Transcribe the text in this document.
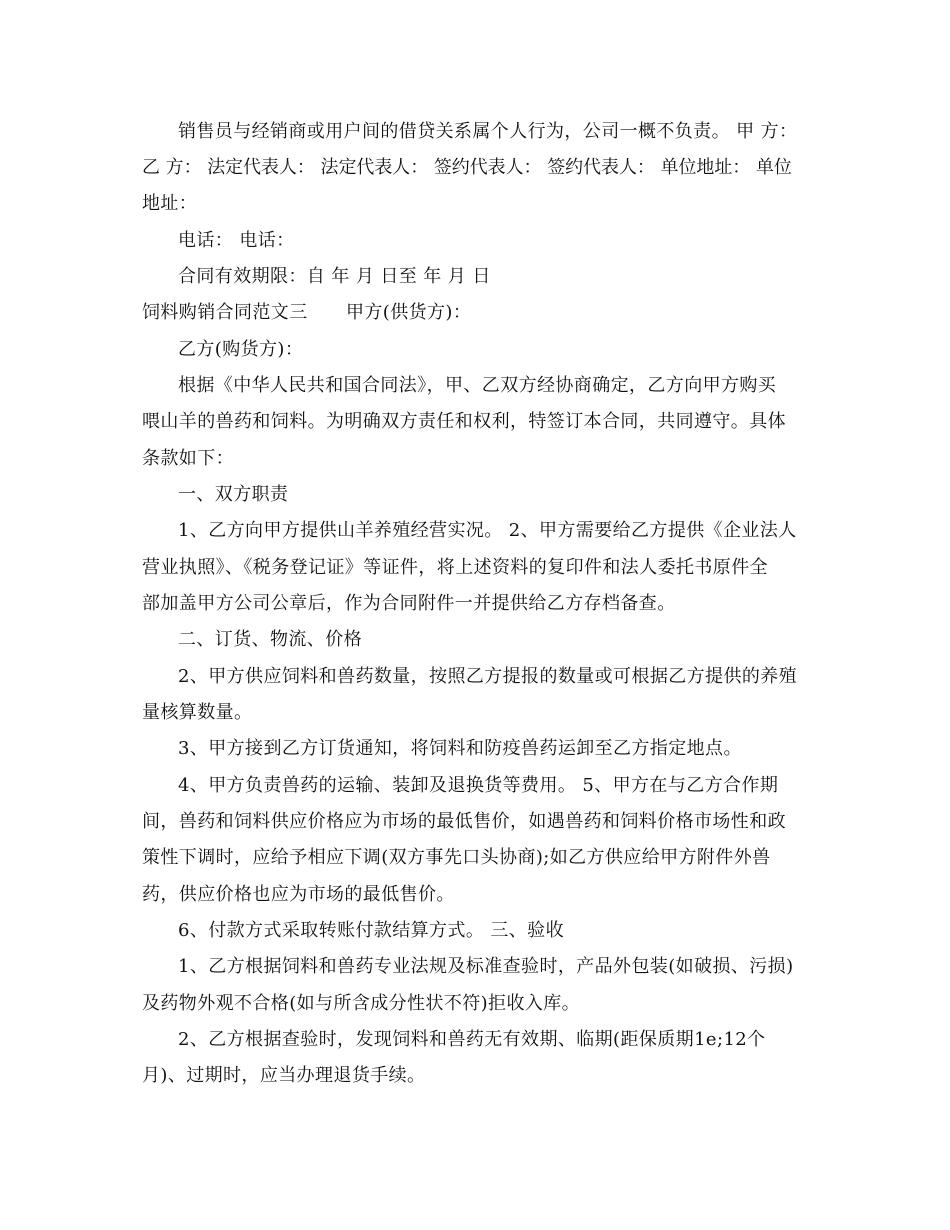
销售员与经销商或用户间的借贷关系属个人行为，公司一概不负责。 甲 方：
乙 方： 法定代表人： 法定代表人： 签约代表人： 签约代表人： 单位地址： 单位
地址：
电话： 电话：
合同有效期限：自 年 月 日至 年 月 日
饲料购销合同范文三 甲方(供货方)：
乙方(购货方)：
根据《中华人民共和国合同法》，甲、乙双方经协商确定，乙方向甲方购买
喂山羊的兽药和饲料。为明确双方责任和权利，特签订本合同，共同遵守。具体
条款如下：
一、双方职责
1、乙方向甲方提供山羊养殖经营实况。 2、甲方需要给乙方提供《企业法人
营业执照》、《税务登记证》等证件，将上述资料的复印件和法人委托书原件全
部加盖甲方公司公章后，作为合同附件一并提供给乙方存档备查。
二、订货、物流、价格
2、甲方供应饲料和兽药数量，按照乙方提报的数量或可根据乙方提供的养殖
量核算数量。
3、甲方接到乙方订货通知，将饲料和防疫兽药运卸至乙方指定地点。
4、甲方负责兽药的运输、装卸及退换货等费用。 5、甲方在与乙方合作期
间，兽药和饲料供应价格应为市场的最低售价，如遇兽药和饲料价格市场性和政
策性下调时，应给予相应下调(双方事先口头协商);如乙方供应给甲方附件外兽
药，供应价格也应为市场的最低售价。
6、付款方式采取转账付款结算方式。 三、验收
1、乙方根据饲料和兽药专业法规及标准查验时，产品外包装(如破损、污损)
及药物外观不合格(如与所含成分性状不符)拒收入库。
2、乙方根据查验时，发现饲料和兽药无有效期、临期(距保质期1e;12个
月)、过期时，应当办理退货手续。
